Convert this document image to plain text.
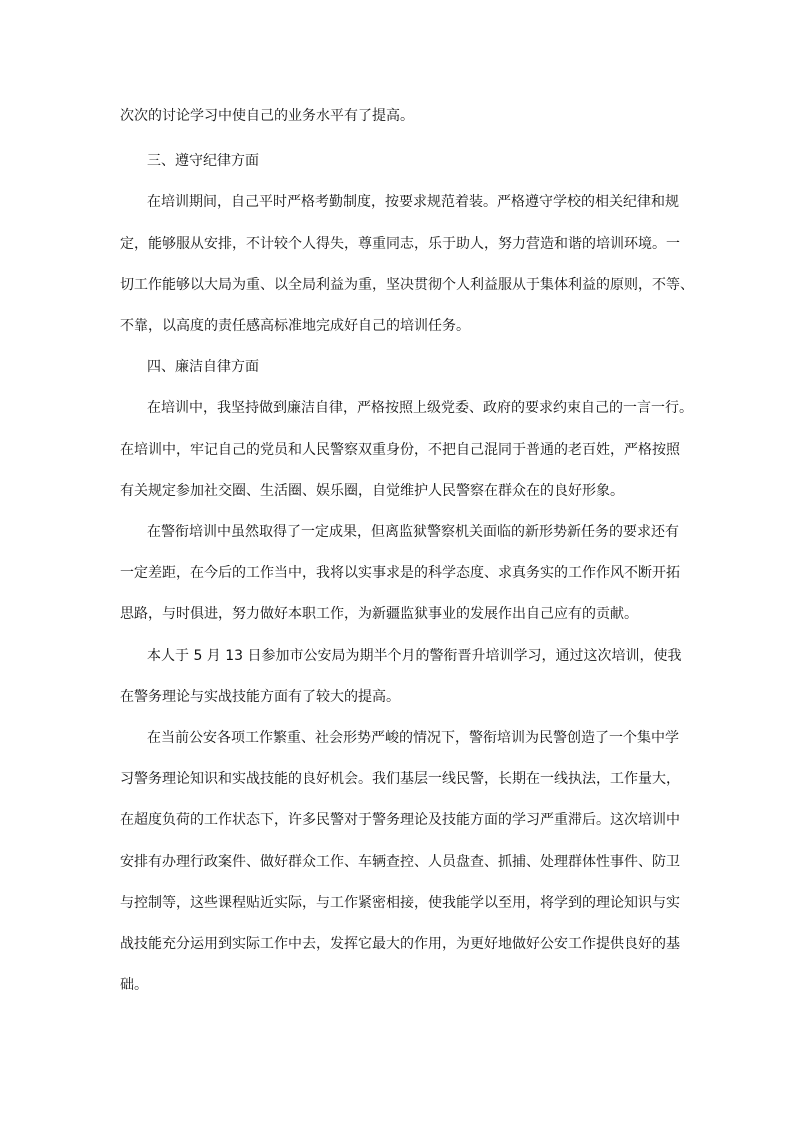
次次的讨论学习中使自己的业务水平有了提高。
三、遵守纪律方面
在培训期间，自己平时严格考勤制度，按要求规范着装。严格遵守学校的相关纪律和规
定，能够服从安排，不计较个人得失，尊重同志，乐于助人，努力营造和谐的培训环境。一
切工作能够以大局为重、以全局利益为重，坚决贯彻个人利益服从于集体利益的原则，不等、
不靠，以高度的责任感高标准地完成好自己的培训任务。
四、廉洁自律方面
在培训中，我坚持做到廉洁自律，严格按照上级党委、政府的要求约束自己的一言一行。
在培训中，牢记自己的党员和人民警察双重身份，不把自己混同于普通的老百姓，严格按照
有关规定参加社交圈、生活圈、娱乐圈，自觉维护人民警察在群众在的良好形象。
在警衔培训中虽然取得了一定成果，但离监狱警察机关面临的新形势新任务的要求还有
一定差距，在今后的工作当中，我将以实事求是的科学态度、求真务实的工作作风不断开拓
思路，与时俱进，努力做好本职工作，为新疆监狱事业的发展作出自己应有的贡献。
本人于 5 月 13 日参加市公安局为期半个月的警衔晋升培训学习，通过这次培训，使我
在警务理论与实战技能方面有了较大的提高。
在当前公安各项工作繁重、社会形势严峻的情况下，警衔培训为民警创造了一个集中学
习警务理论知识和实战技能的良好机会。我们基层一线民警，长期在一线执法，工作量大，
在超度负荷的工作状态下，许多民警对于警务理论及技能方面的学习严重滞后。这次培训中
安排有办理行政案件、做好群众工作、车辆查控、人员盘查、抓捕、处理群体性事件、防卫
与控制等，这些课程贴近实际，与工作紧密相接，使我能学以至用，将学到的理论知识与实
战技能充分运用到实际工作中去，发挥它最大的作用，为更好地做好公安工作提供良好的基
础。
